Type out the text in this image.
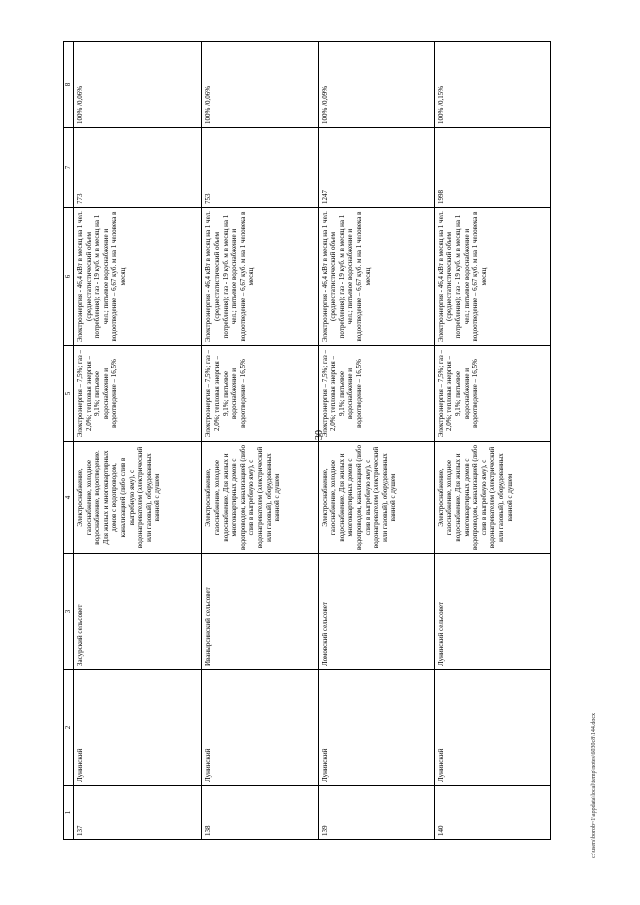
30
1	2	3	4	5	6	7	8
137	Лунинский	Засурский сельсовет	Электроснабжение, газоснабжение, холодное водоснабжение, водоотведение. Для жилых и многоквартирных домов с водопроводом, канализацией (либо слив в выгребную яму), с водонагревателем (электрический или газовый), оборудованных ванной с душем	Электроэнергия – 7,5%; газ – 2,0%; тепловая энергия – 9,1%; питьевое водоснабжение и водоотведение – 16,5%	Электроэнергия - 46,4 кВт в месяц на 1 чел. (среднестатистический объем потребления); газ - 19 куб. м в месяц на 1 чел.; питьевое водоснабжение и водоотведение – 6,67 куб. м на 1 человека в месяц	773	100% /0,06%
138	Лунинский	Иванырсинский сельсовет	Электроснабжение, газоснабжение, холодное водоснабжение. Для жилых и многоквартирных домов с водопроводом, канализацией (либо слив в выгребную яму), с водонагревателем (электрический или газовый), оборудованных ванной с душем	Электроэнергия – 7,5%; газ – 2,0%; тепловая энергия – 9,1%; питьевое водоснабжение и водоотведение – 16,5%	Электроэнергия - 46,4 кВт в месяц на 1 чел. (среднестатистический объем потребления); газ - 19 куб. м в месяц на 1 чел.; питьевое водоснабжение и водоотведение – 6,67 куб. м на 1 человека в месяц	753	100% /0,06%
139	Лунинский	Ломовский сельсовет	Электроснабжение, газоснабжение, холодное водоснабжение. Для жилых и многоквартирных домов с водопроводом, канализацией (либо слив в выгребную яму), с водонагревателем (электрический или газовый), оборудованных ванной с душем	Электроэнергия – 7,5%; газ – 2,0%; тепловая энергия – 9,1%; питьевое водоснабжение и водоотведение – 16,5%	Электроэнергия - 46,4 кВт в месяц на 1 чел. (среднестатистический объем потребления); газ - 19 куб. м в месяц на 1 чел.; питьевое водоснабжение и водоотведение – 6,67 куб. м на 1 человека в месяц	1247	100% /0,09%
140	Лунинский	Лунинский сельсовет	Электроснабжение, газоснабжение, холодное водоснабжение. Для жилых и многоквартирных домов с водопроводом, канализацией (либо слив в выгребную яму), с водонагревателем (электрический или газовый), оборудованных ванной с душем	Электроэнергия – 7,5%; газ – 2,0%; тепловая энергия – 9,1%; питьевое водоснабжение и водоотведение – 16,5%	Электроэнергия - 46,4 кВт в месяц на 1 чел. (среднестатистический объем потребления); газ - 19 куб. м в месяц на 1 чел.; питьевое водоснабжение и водоотведение – 6,67 куб. м на 1 человека в месяц	1998	100% /0,15%
c:\users\borob~1\appdata\local\temp\notes\6030c8\144.docx
